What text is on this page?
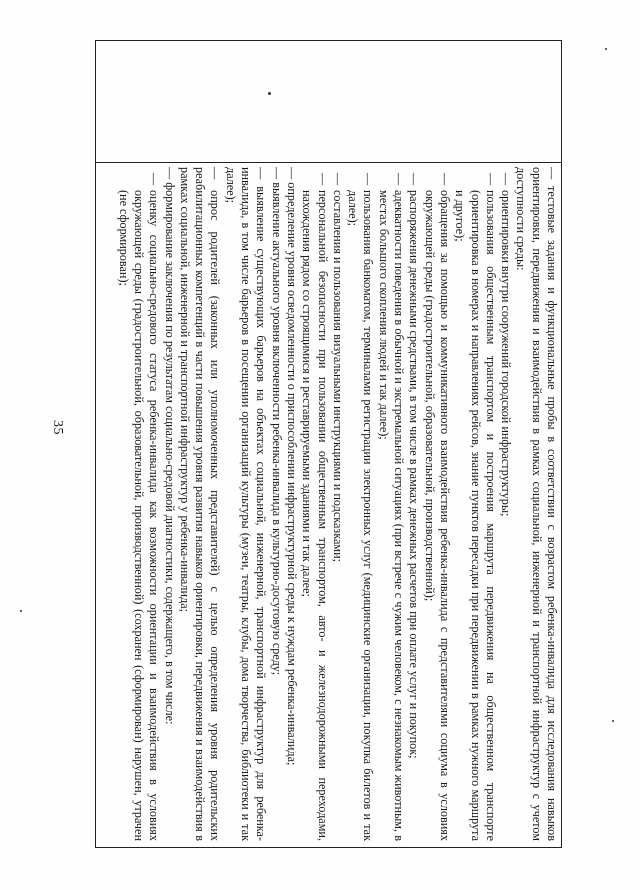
35	— тестовые задания и функциональные пробы в соответствии с возрастом ребенка-инвалида для исследования навыков ориентировки, передвижения и взаимодействия в рамках социальной, инженерной и транспортной инфраструктур с учетом доступности среды:

—
ориентировки внутри сооружений городской инфраструктуры;

—
пользования общественным транспортом и построения маршрута передвижения на общественном транспорте (ориентировка в номерах и направлениях рейсов, знание пунктов пересадки при передвижении в рамках нужного маршрута и другое);

—
обращения за помощью и коммуникативного взаимодействия ребенка-инвалида с представителями социума в условиях окружающей среды (градостроительной, образовательной, производственной);

—
распоряжения денежными средствами, в том числе в рамках денежных расчетов при оплате услуг и покупок;

—
адекватности поведения в обычной и экстремальной ситуациях (при встрече с чужим человеком, с незнакомым животным, в местах большого скопления людей и так далее);

—
пользования банкоматом, терминалами регистрации электронных услуг (медицинские организации, покупка билетов и так далее);

—
составления и пользования визуальными инструкциями и подсказками;

—
персональной безопасности при пользовании общественным транспортом, авто- и железнодорожными переходами, нахождения рядом со строящимися и реставрируемыми зданиями и так далее;

— определение уровня осведомленности о приспособлении инфраструктурной среды к нуждам ребенка-инвалида;

— выявление актуального уровня включенности ребенка-инвалида в культурно-досуговую среду;

— выявление существующих барьеров на объектах социальной, инженерной, транспортной инфраструктур для ребенка-инвалида, в том числе барьеров в посещении организаций культуры (музеи, театры, клубы, дома творчества, библиотеки и так далее);

— опрос родителей (законных или уполномоченных представителей) с целью определения уровня родительских реабилитационных компетенций в части повышения уровня развития навыков ориентировки, передвижения и взаимодействия в рамках социальной, инженерной и транспортной инфраструктур у ребенка-инвалида;

— формирование заключения по результатам социально-средовой диагностики, содержащего, в том числе:

—
оценку социально-средового статуса ребенка-инвалида как возможности ориентации и взаимодействия в условиях окружающей среды (градостроительной, образовательной, производственной) (сохранен (сформирован) нарушен, утрачен (не сформирован);
